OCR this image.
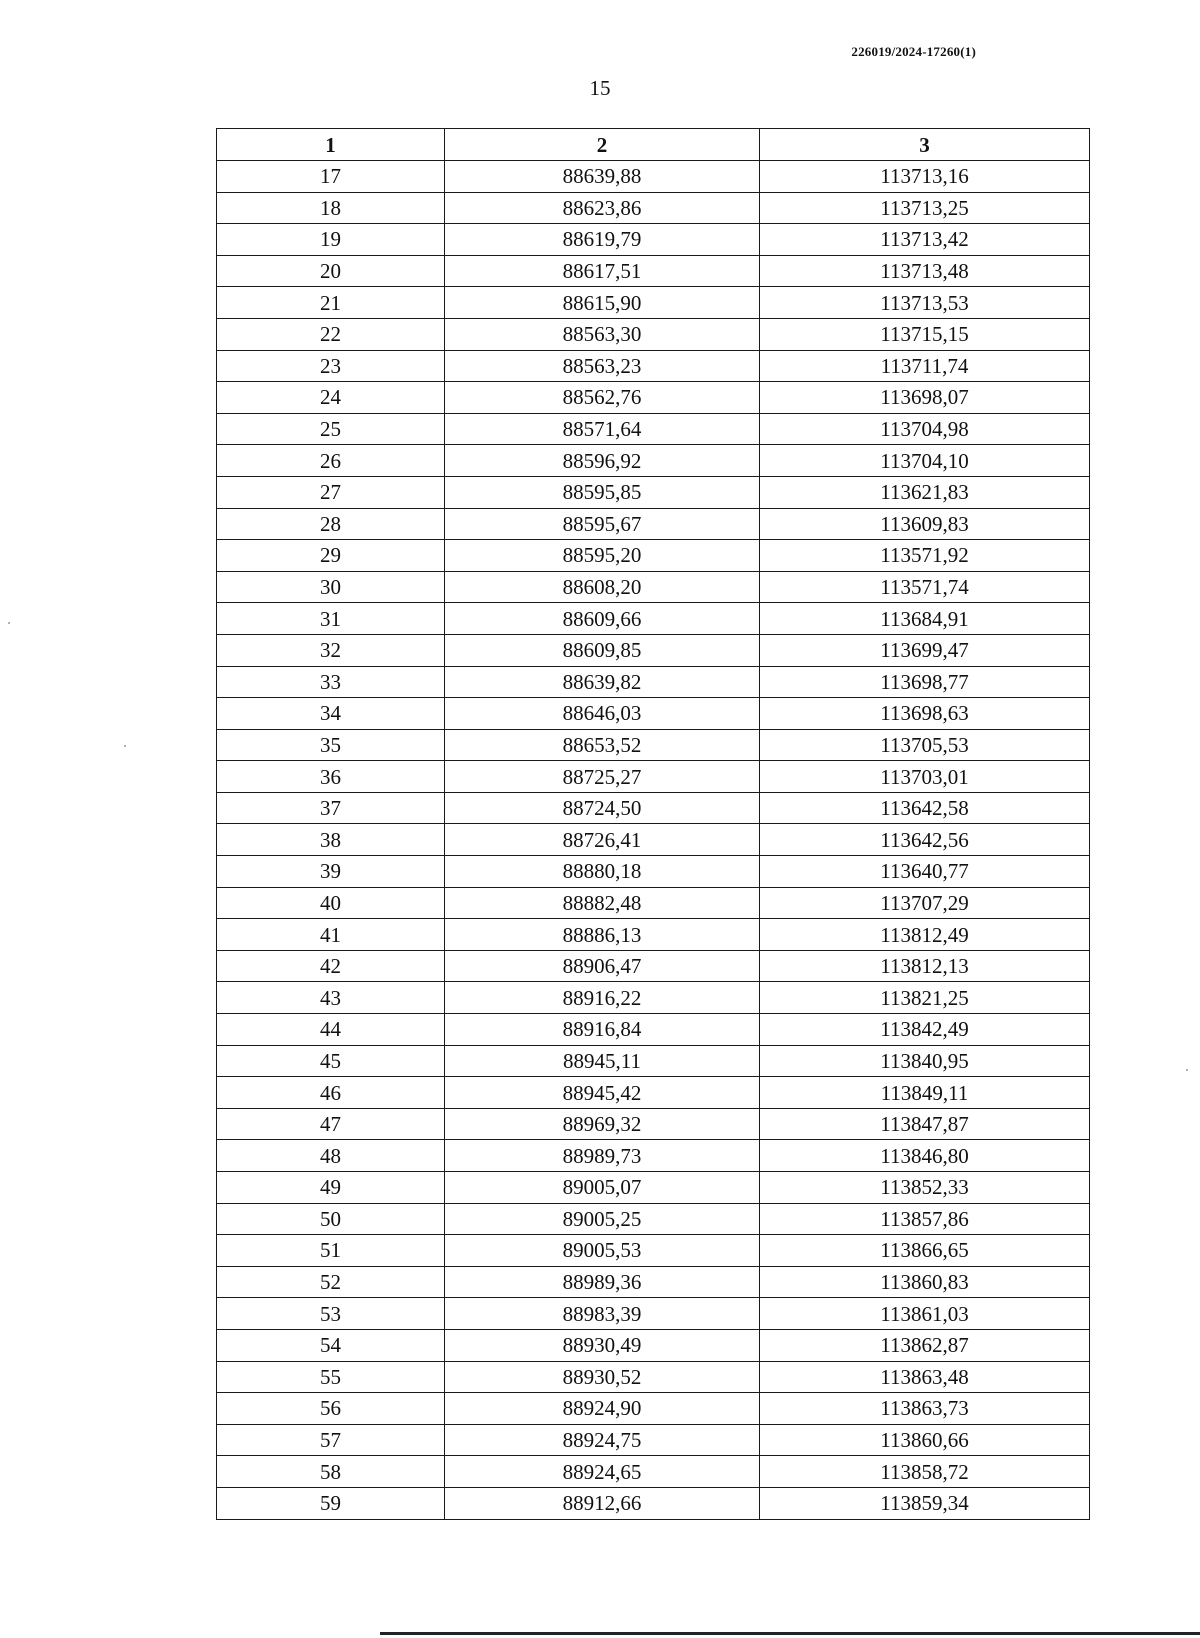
226019/2024-17260(1)
15
1	2	3
17	88639,88	113713,16
18	88623,86	113713,25
19	88619,79	113713,42
20	88617,51	113713,48
21	88615,90	113713,53
22	88563,30	113715,15
23	88563,23	113711,74
24	88562,76	113698,07
25	88571,64	113704,98
26	88596,92	113704,10
27	88595,85	113621,83
28	88595,67	113609,83
29	88595,20	113571,92
30	88608,20	113571,74
31	88609,66	113684,91
32	88609,85	113699,47
33	88639,82	113698,77
34	88646,03	113698,63
35	88653,52	113705,53
36	88725,27	113703,01
37	88724,50	113642,58
38	88726,41	113642,56
39	88880,18	113640,77
40	88882,48	113707,29
41	88886,13	113812,49
42	88906,47	113812,13
43	88916,22	113821,25
44	88916,84	113842,49
45	88945,11	113840,95
46	88945,42	113849,11
47	88969,32	113847,87
48	88989,73	113846,80
49	89005,07	113852,33
50	89005,25	113857,86
51	89005,53	113866,65
52	88989,36	113860,83
53	88983,39	113861,03
54	88930,49	113862,87
55	88930,52	113863,48
56	88924,90	113863,73
57	88924,75	113860,66
58	88924,65	113858,72
59	88912,66	113859,34
